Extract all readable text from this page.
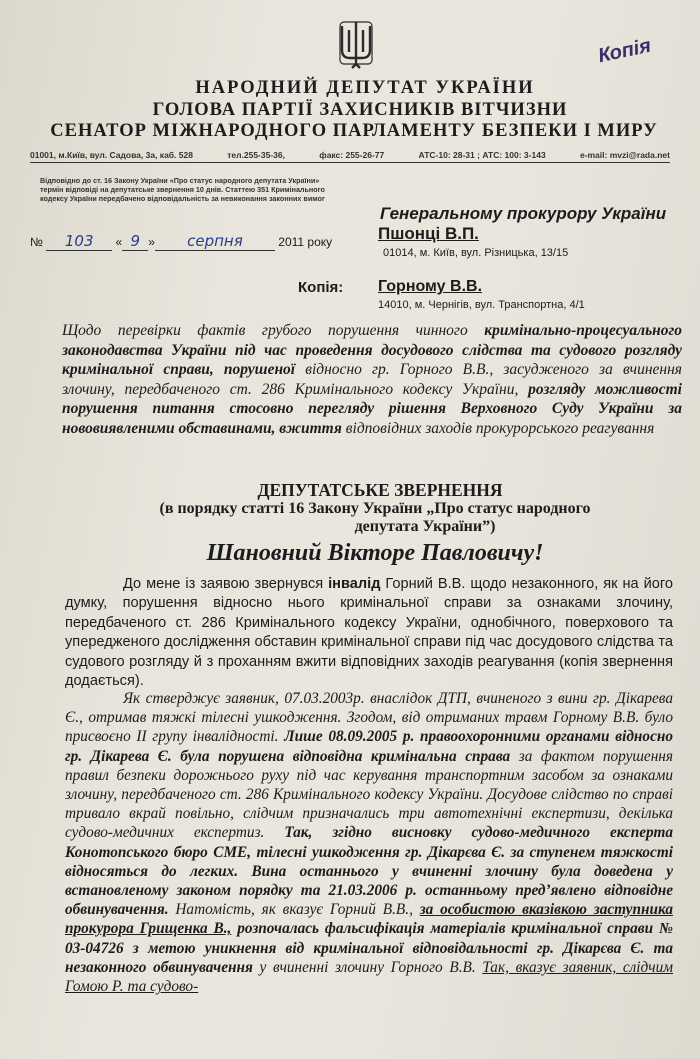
Копія
НАРОДНИЙ ДЕПУТАТ УКРАЇНИ
ГОЛОВА ПАРТІЇ ЗАХИСНИКІВ ВІТЧИЗНИ
СЕНАТОР МІЖНАРОДНОГО ПАРЛАМЕНТУ БЕЗПЕКИ І МИРУ
01001, м.Київ, вул. Садова, 3а, каб. 528	тел.255-35-36,	факс: 255-26-77	АТС-10: 28-31 ; АТС: 100: 3-143	e-mail: mvzi@rada.net
Відповідно до ст. 16 Закону України «Про статус народного депутата України» термін відповіді на депутатське звернення 10 днів. Статтею 351 Кримінального кодексу України передбачено відповідальність за невиконання законних вимог
№ 103 « 9 » серпня	2011 року
Генеральному прокурору України
Пшонці В.П.
01014, м. Київ, вул. Різницька, 13/15
Копія: Горному В.В.
14010, м. Чернігів, вул. Транспортна, 4/1
Щодо перевірки фактів грубого порушення чинного кримінально-процесуального законодавства України під час проведення досудового слідства та судового розгляду кримінальної справи, порушеної відносно гр. Горного В.В., засудженого за вчинення злочину, передбаченого ст. 286 Кримінального кодексу України, розгляду можливості порушення питання стосовно перегляду рішення Верховного Суду України за нововиявленими обставинами, вжиття відповідних заходів прокурорського реагування
ДЕПУТАТСЬКЕ ЗВЕРНЕННЯ
(в порядку статті 16 Закону України „Про статус народного
депутата України”)
Шановний Вікторе Павловичу!
До мене із заявою звернувся інвалід Горний В.В. щодо незаконного, як на його думку, порушення відносно нього кримінальної справи за ознаками злочину, передбаченого ст. 286 Кримінального кодексу України, однобічного, поверхового та упередженого дослідження обставин кримінальної справи під час досудового слідства та судового розгляду й з проханням вжити відповідних заходів реагування (копія звернення додається).
Як стверджує заявник, 07.03.2003р. внаслідок ДТП, вчиненого з вини гр. Дікарева Є., отримав тяжкі тілесні ушкодження. Згодом, від отриманих травм Горному В.В. було присвоєно ІІ групу інвалідності. Лише 08.09.2005 р. правоохоронними органами відносно гр. Дікарева Є. була порушена відповідна кримінальна справа за фактом порушення правил безпеки дорожнього руху під час керування транспортним засобом за ознаками злочину, передбаченого ст. 286 Кримінального кодексу України. Досудове слідство по справі тривало вкрай повільно, слідчим призначались три автотехнічні експертизи, декілька судово-медичних експертиз. Так, згідно висновку судово-медичного експерта Конотопського бюро СМЕ, тілесні ушкодження гр. Дікарєва Є. за ступенем тяжкості відносяться до легких. Вина останнього у вчиненні злочину була доведена у встановленому законом порядку та 21.03.2006 р. останньому пред’явлено відповідне обвинувачення. Натомість, як вказує Горний В.В., за особистою вказівкою заступника прокурора Грищенка В., розпочалась фальсифікація матеріалів кримінальної справи № 03-04726 з метою уникнення від кримінальної відповідальності гр. Дікарєва Є. та незаконного обвинувачення у вчиненні злочину Горного В.В. Так, вказує заявник, слідчим Гомою Р. та судово-
